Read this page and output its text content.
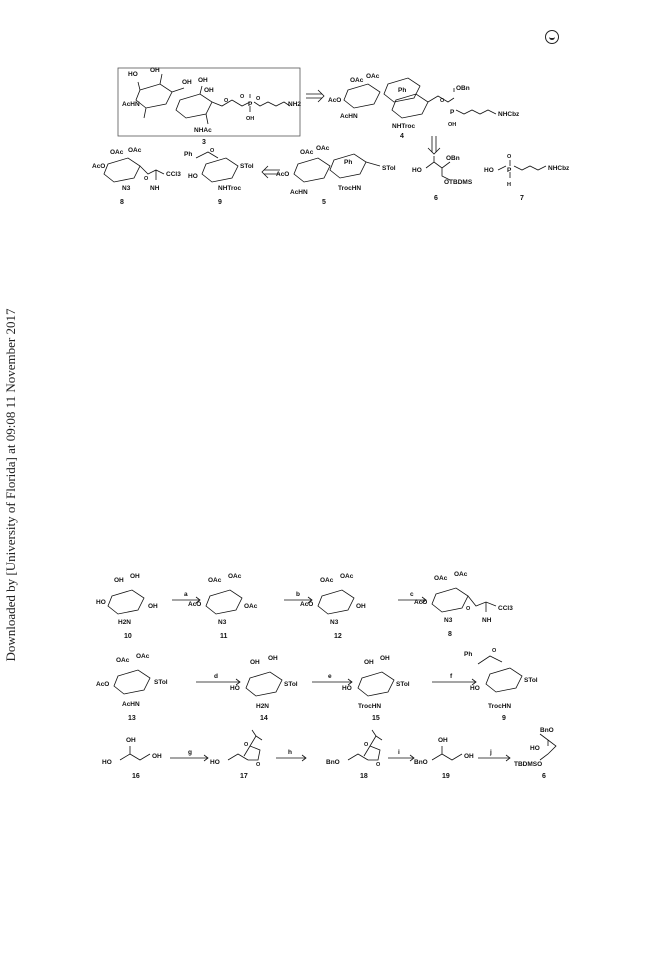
Downloaded by [University of Florida] at 09:08 11 November 2017
HO
OH
OH
AcHN
OH
OH
NHAc
O
O
P
OH
O
NH2
3
OAc
OAc
AcO
Ph	OBn
AcHN
NHTroc
O
P
OH
NHCbz
4
OAc
OAc
AcO
AcHN
Ph
TrocHN
STol
5
OAc OAc
AcO
N3
O
CCl3
NH
8
Ph	O
HO
NHTroc
STol
9
OBn
HO
OTBDMS
6
HO P
O
H
NHCbz
7
OH
OH
HO
H2N
OH
10
a
OAc
OAc
AcO
N3
OAc
11
b
OAc
OAc
AcO
N3
OH
12
c
OAc
OAc
AcO
N3
O	CCl3
NH
8
OAc
OAc
AcO
AcHN
STol
13
d
OH
OH
HO
H2N
STol
14
e
OH
OH
HO
TrocHN
STol
15
f
Ph	O
HO
TrocHN
STol
9
HO
OH
OH
16
g
HO
O
O
17
h
BnO
O
O
18
i
BnO
OH
OH
19
j
BnO
HO
TBDMSO
6
